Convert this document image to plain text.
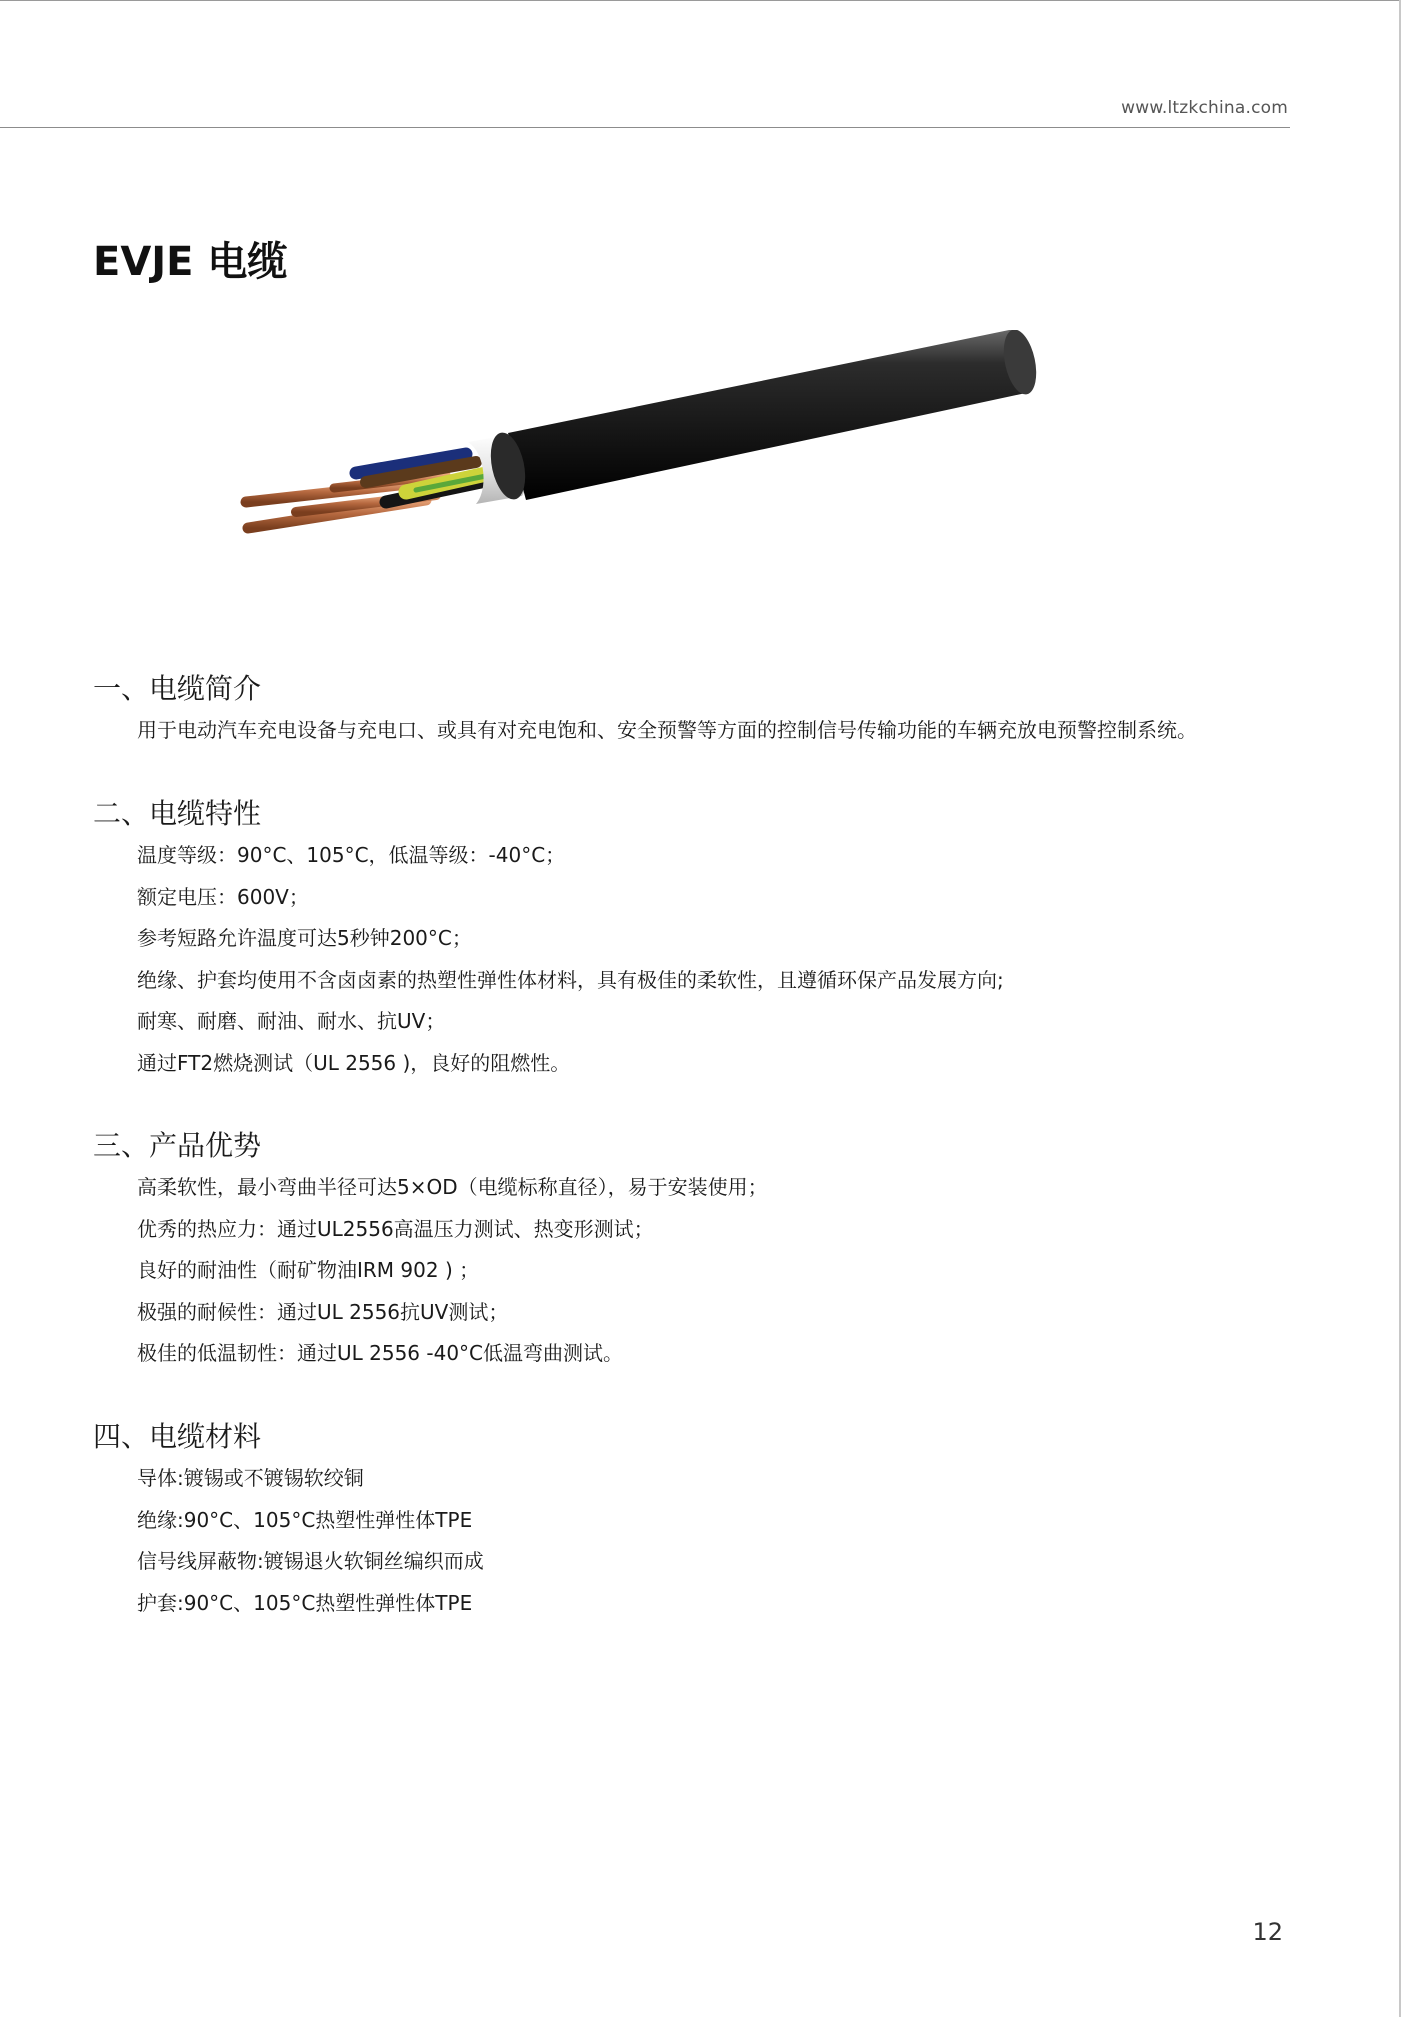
www.ltzkchina.com
EVJE 电缆
一、电缆简介
用于电动汽车充电设备与充电口、或具有对充电饱和、安全预警等方面的控制信号传输功能的车辆充放电预警控制系统。
二、电缆特性
温度等级：90°C、105°C，低温等级：-40°C；
额定电压：600V；
参考短路允许温度可达5秒钟200°C；
绝缘、护套均使用不含卤卤素的热塑性弹性体材料，具有极佳的柔软性，且遵循环保产品发展方向;
耐寒、耐磨、耐油、耐水、抗UV；
通过FT2燃烧测试（UL 2556 )，良好的阻燃性。
三、产品优势
高柔软性，最小弯曲半径可达5×OD（电缆标称直径），易于安装使用；
优秀的热应力：通过UL2556高温压力测试、热变形测试；
良好的耐油性（耐矿物油IRM 902 ) ；
极强的耐候性：通过UL 2556抗UV测试；
极佳的低温韧性：通过UL 2556 -40°C低温弯曲测试。
四、电缆材料
导体:镀锡或不镀锡软绞铜
绝缘:90°C、105°C热塑性弹性体TPE
信号线屏蔽物:镀锡退火软铜丝编织而成
护套:90°C、105°C热塑性弹性体TPE
12
